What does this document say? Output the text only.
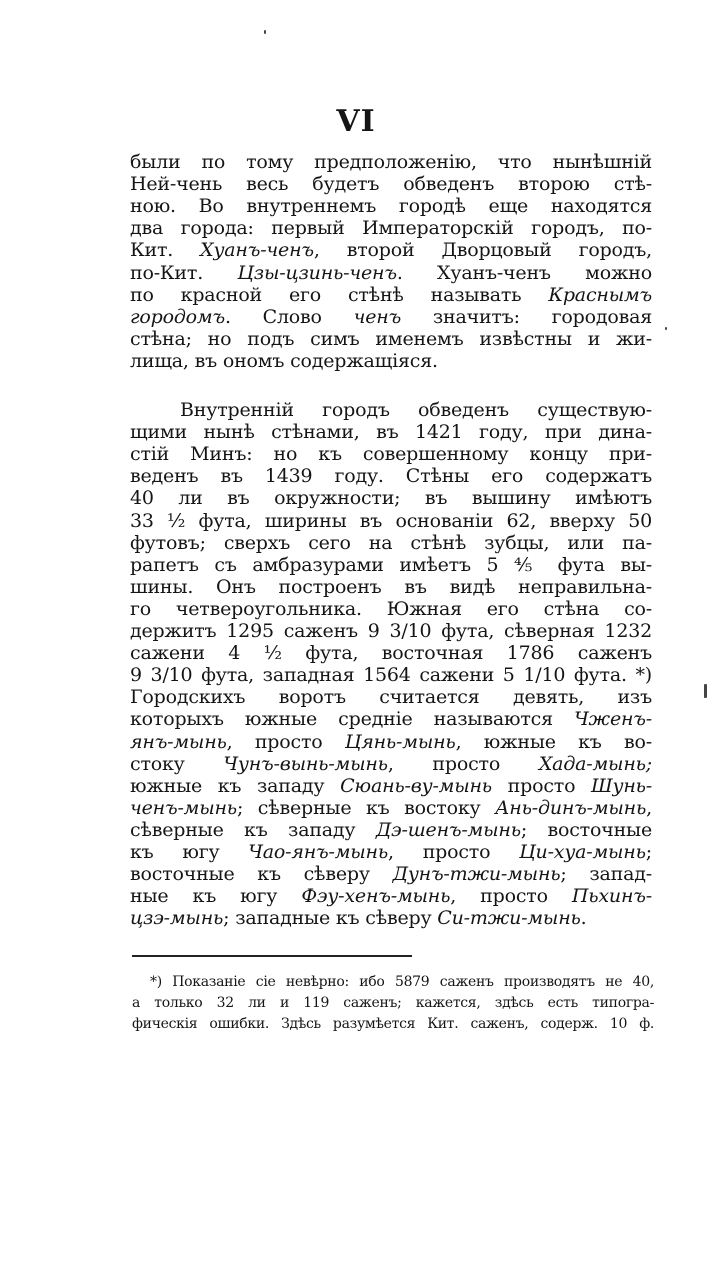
VI
были по тому предположенію, что нынѣшній
Ней-чень весь будетъ обведенъ второю стѣ-
ною. Во внутреннемъ городѣ еще находятся
два города: первый Императорскій городъ, по-
Кит. Хуанъ-ченъ, второй Дворцовый городъ,
по-Кит. Цзы-цзинь-ченъ. Хуанъ-ченъ можно
по красной его стѣнѣ называть Краснымъ
городомъ. Слово ченъ значитъ: городовая
стѣна; но подъ симъ именемъ извѣстны и жи-
лища, въ ономъ содержащіяся.
Внутренній городъ обведенъ существую-
щими нынѣ стѣнами, въ 1421 году, при дина-
стій Минъ: но къ совершенному концу при-
веденъ въ 1439 году. Стѣны его содержатъ
40 ли въ окружности; въ вышину имѣютъ
33 ½ фута, ширины въ основаніи 62, вверху 50
футовъ; сверхъ сего на стѣнѣ зубцы, или па-
рапетъ съ амбразурами имѣетъ 5 ⅘ фута вы-
шины. Онъ построенъ въ видѣ неправильна-
го четвероугольника. Южная его стѣна со-
держитъ 1295 саженъ 9 3/10 фута, сѣверная 1232
сажени 4 ½ фута, восточная 1786 саженъ
9 3/10 фута, западная 1564 сажени 5 1/10 фута. *)
Городскихъ воротъ считается девять, изъ
которыхъ южные средніе называются Чженъ-
янъ-мынь, просто Цянь-мынь, южные къ во-
стоку Чунъ-вынь-мынь, просто Хада-мынь;
южные къ западу Сюань-ву-мынь просто Шунь-
ченъ-мынь; сѣверные къ востоку Ань-динъ-мынь,
сѣверные къ западу Дэ-шенъ-мынь; восточные
къ югу Чао-янъ-мынь, просто Ци-хуа-мынь;
восточные къ сѣверу Дунъ-тжи-мынь; запад-
ные къ югу Фэу-хенъ-мынь, просто Пьхинъ-
цзэ-мынь; западные къ сѣверу Си-тжи-мынь.
*) Показаніе сіе невѣрно: ибо 5879 саженъ производятъ не 40,
а только 32 ли и 119 саженъ; кажется, здѣсь есть типогра-
фическія ошибки. Здѣсь разумѣется Кит. саженъ, содерж. 10 ф.
